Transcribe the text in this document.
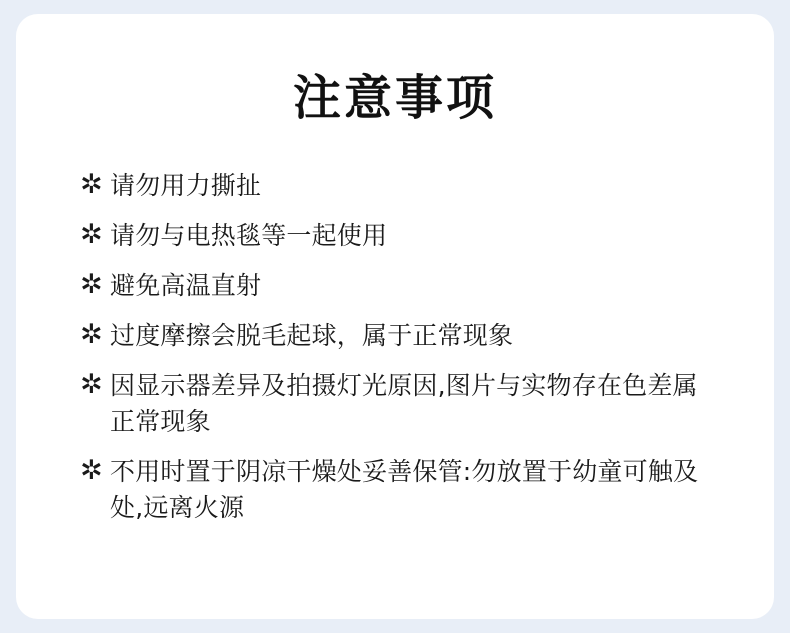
注意事项
✲ 请勿用力撕扯
✲ 请勿与电热毯等一起使用
✲ 避免高温直射
✲ 过度摩擦会脱毛起球，属于正常现象
✲ 因显示器差异及拍摄灯光原因,图片与实物存在色差属正常现象
✲ 不用时置于阴凉干燥处妥善保管:勿放置于幼童可触及处,远离火源
